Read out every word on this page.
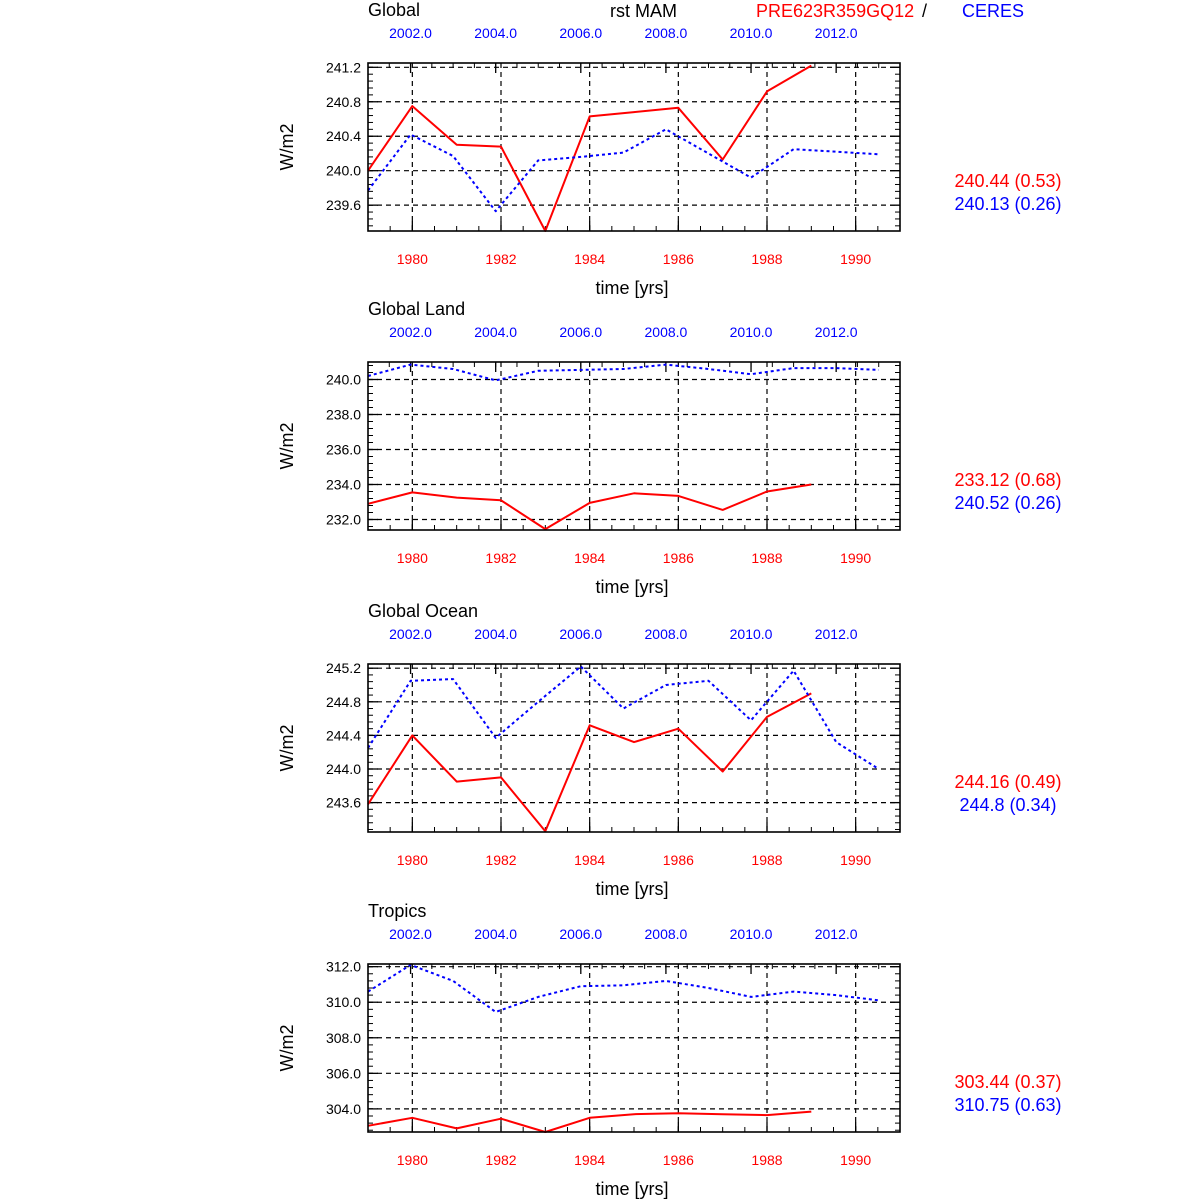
rst MAM	PRE623R359GQ12 / CERES
Global
1980	1982	1984	1986	1988	1990
2002.0	2004.0	2006.0	2008.0	2010.0	2012.0
239.6
240.0
240.4
240.8
241.2
time [yrs]
W/m2
240.44 (0.53)
240.13 (0.26)
Global Land
1980	1982	1984	1986	1988	1990
2002.0	2004.0	2006.0	2008.0	2010.0	2012.0
232.0
234.0
236.0
238.0
240.0
time [yrs]
W/m2
233.12 (0.68)
240.52 (0.26)
Global Ocean
1980	1982	1984	1986	1988	1990
2002.0	2004.0	2006.0	2008.0	2010.0	2012.0
243.6
244.0
244.4
244.8
245.2
time [yrs]
W/m2
244.16 (0.49)
244.8 (0.34)
Tropics
1980	1982	1984	1986	1988	1990
2002.0	2004.0	2006.0	2008.0	2010.0	2012.0
304.0
306.0
308.0
310.0
312.0
time [yrs]
W/m2
303.44 (0.37)
310.75 (0.63)
